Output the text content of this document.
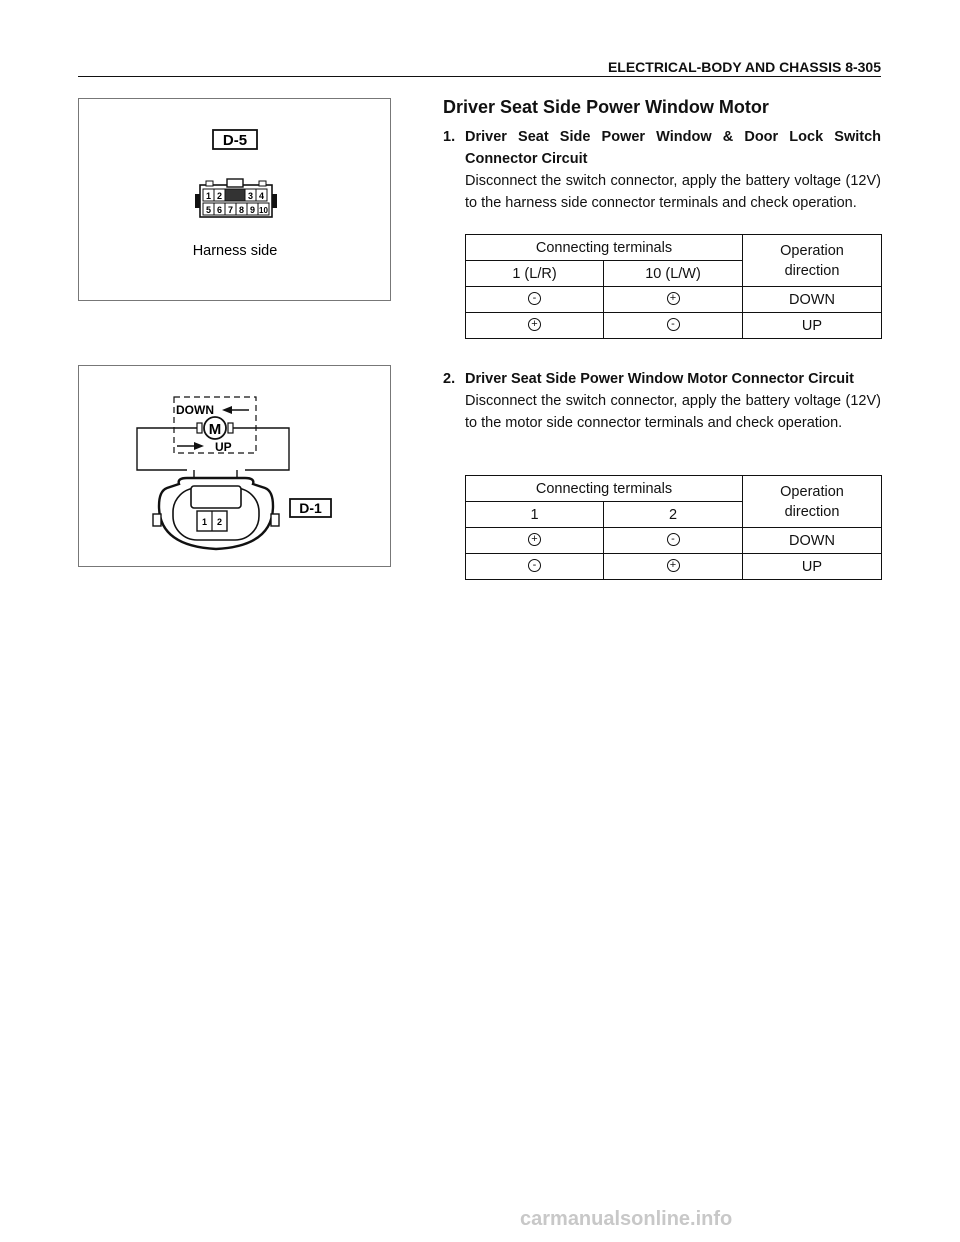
ELECTRICAL-BODY AND CHASSIS 8-305
D-5
1 2	3 4
5 6 7 8 9 10
Harness side
M
DOWN
UP
1 2
D-1
Driver Seat Side Power Window Motor
1. Driver Seat Side Power Window & Door Lock Switch Connector Circuit
Disconnect the switch connector, apply the battery voltage (12V) to the harness side connector terminals and check operation.
Connecting terminals		Operation
direction
1 (L/R)	10 (L/W)	
-	+	DOWN
+	-	UP
2. Driver Seat Side Power Window Motor Connector Circuit
Disconnect the switch connector, apply the battery voltage (12V) to the motor side connector terminals and check operation.
Connecting terminals		Operation
direction
1	2	
+	-	DOWN
-	+	UP
carmanualsonline.info
